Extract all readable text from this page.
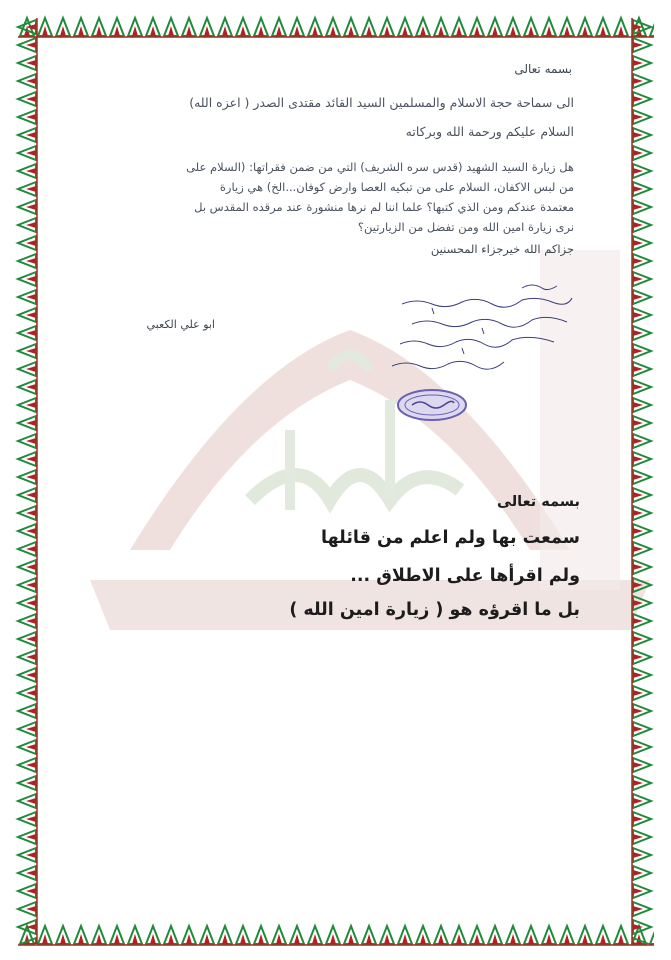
بسمه تعالى
الى سماحة حجة الاسلام والمسلمين السيد القائد مقتدى الصدر ( اعزه الله)
السلام عليكم ورحمة الله وبركاته
هل زيارة السيد الشهيد (قدس سره الشريف) التي من ضمن فقراتها: (السلام على
من لبس الاكفان، السلام على من تبكيه العصا وارض كوفان...الخ) هي زيارة
معتمدة عندكم ومن الذي كتبها؟ علما اننا لم نرها منشورة عند مرقده المقدس بل
نرى زيارة امين الله ومن تفضل من الزيارتين؟
جزاكم الله خيرجزاء المحسنين
ابو علي الكعبي
بسمه تعالى
سمعت بها ولم اعلم من قائلها
ولم اقرأها على الاطلاق ...
بل ما اقرؤه هو ( زيارة امين الله )
